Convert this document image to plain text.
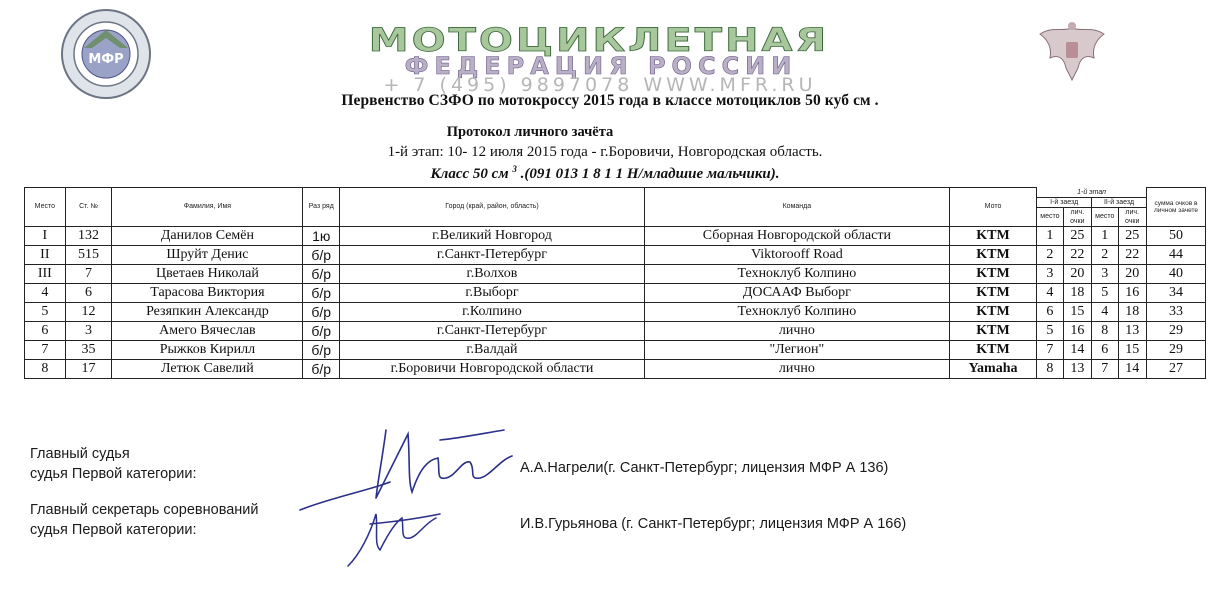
МФР
МОТОЦИКЛЕТНАЯ
ФЕДЕРАЦИЯ РОССИИ
+ 7 (495) 9897078 WWW.MFR.RU
Первенство СЗФО по мотокроссу 2015 года в классе мотоциклов 50 куб см .
Протокол личного зачёта
1-й этап: 10- 12 июля 2015 года - г.Боровичи, Новгородская область.
Класс 50 см $^3$ .(091 013 1 8 1 1 Н/младшие мальчики).
Место	Ст. №	Фамилия, Имя	Раз ряд	Город (край, район, область)	Команда	Мото	1-й этап				сумма очков в личном зачете
							I-й заезд		II-й заезд		
							место	лич. очки	место	лич. очки	
I	132	Данилов Семён	1ю	г.Великий Новгород	Сборная Новгородской области	KTM	1	25	1	25	50
II	515	Шруйт Денис	б/р	г.Санкт-Петербург	Viktorooff Road	KTM	2	22	2	22	44
III	7	Цветаев Николай	б/р	г.Волхов	Техноклуб Колпино	KTM	3	20	3	20	40
4	6	Тарасова Виктория	б/р	г.Выборг	ДОСААФ Выборг	KTM	4	18	5	16	34
5	12	Резяпкин Александр	б/р	г.Колпино	Техноклуб Колпино	KTM	6	15	4	18	33
6	3	Амего Вячеслав	б/р	г.Санкт-Петербург	лично	KTM	5	16	8	13	29
7	35	Рыжков Кирилл	б/р	г.Валдай	"Легион"	KTM	7	14	6	15	29
8	17	Летюк Савелий	б/р	г.Боровичи Новгородской области	лично	Yamaha	8	13	7	14	27
Главный судья
судья Первой категории:	А.А.Нагрели(г. Санкт-Петербург; лицензия МФР А 136)
Главный секретарь соревнований
судья Первой категории:	И.В.Гурьянова (г. Санкт-Петербург; лицензия МФР А 166)
